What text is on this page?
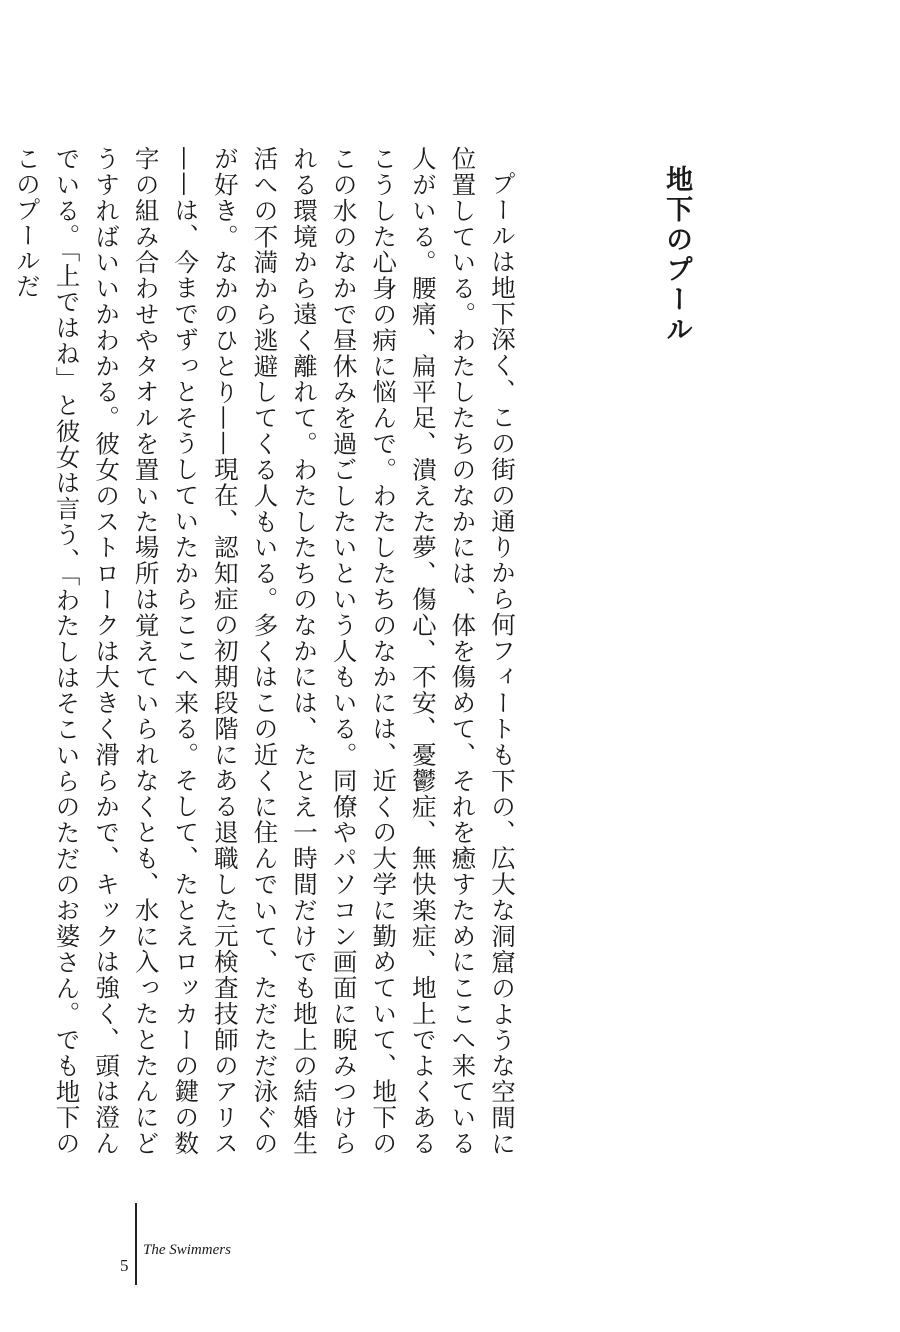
地下のプール

プールは地下深く、この街の通りから何フィートも下の、広大な洞窟のような空間に位置している。わたしたちのなかには、体を傷めて、それを癒すためにここへ来ている人がいる。腰痛、扁平足、潰えた夢、傷心、不安、憂鬱症、無快楽症、地上でよくあるこうした心身の病に悩んで。わたしたちのなかには、近くの大学に勤めていて、地下のこの水のなかで昼休みを過ごしたいという人もいる。同僚やパソコン画面に睨みつけられる環境から遠く離れて。わたしたちのなかには、たとえ一時間だけでも地上の結婚生活への不満から逃避してくる人もいる。多くはこの近くに住んでいて、ただただ泳ぐのが好き。なかのひとり——現在、認知症の初期段階にある退職した元検査技師のアリス——は、今までずっとそうしていたからここへ来る。そして、たとえロッカーの鍵の数字の組み合わせやタオルを置いた場所は覚えていられなくとも、水に入ったとたんにどうすればいいかわかる。彼女のストロークは大きく滑らかで、キックは強く、頭は澄んでいる。「上ではね」と彼女は言う、「わたしはそこいらのただのお婆さん。でも地下のこのプールだ

5
The Swimmers
